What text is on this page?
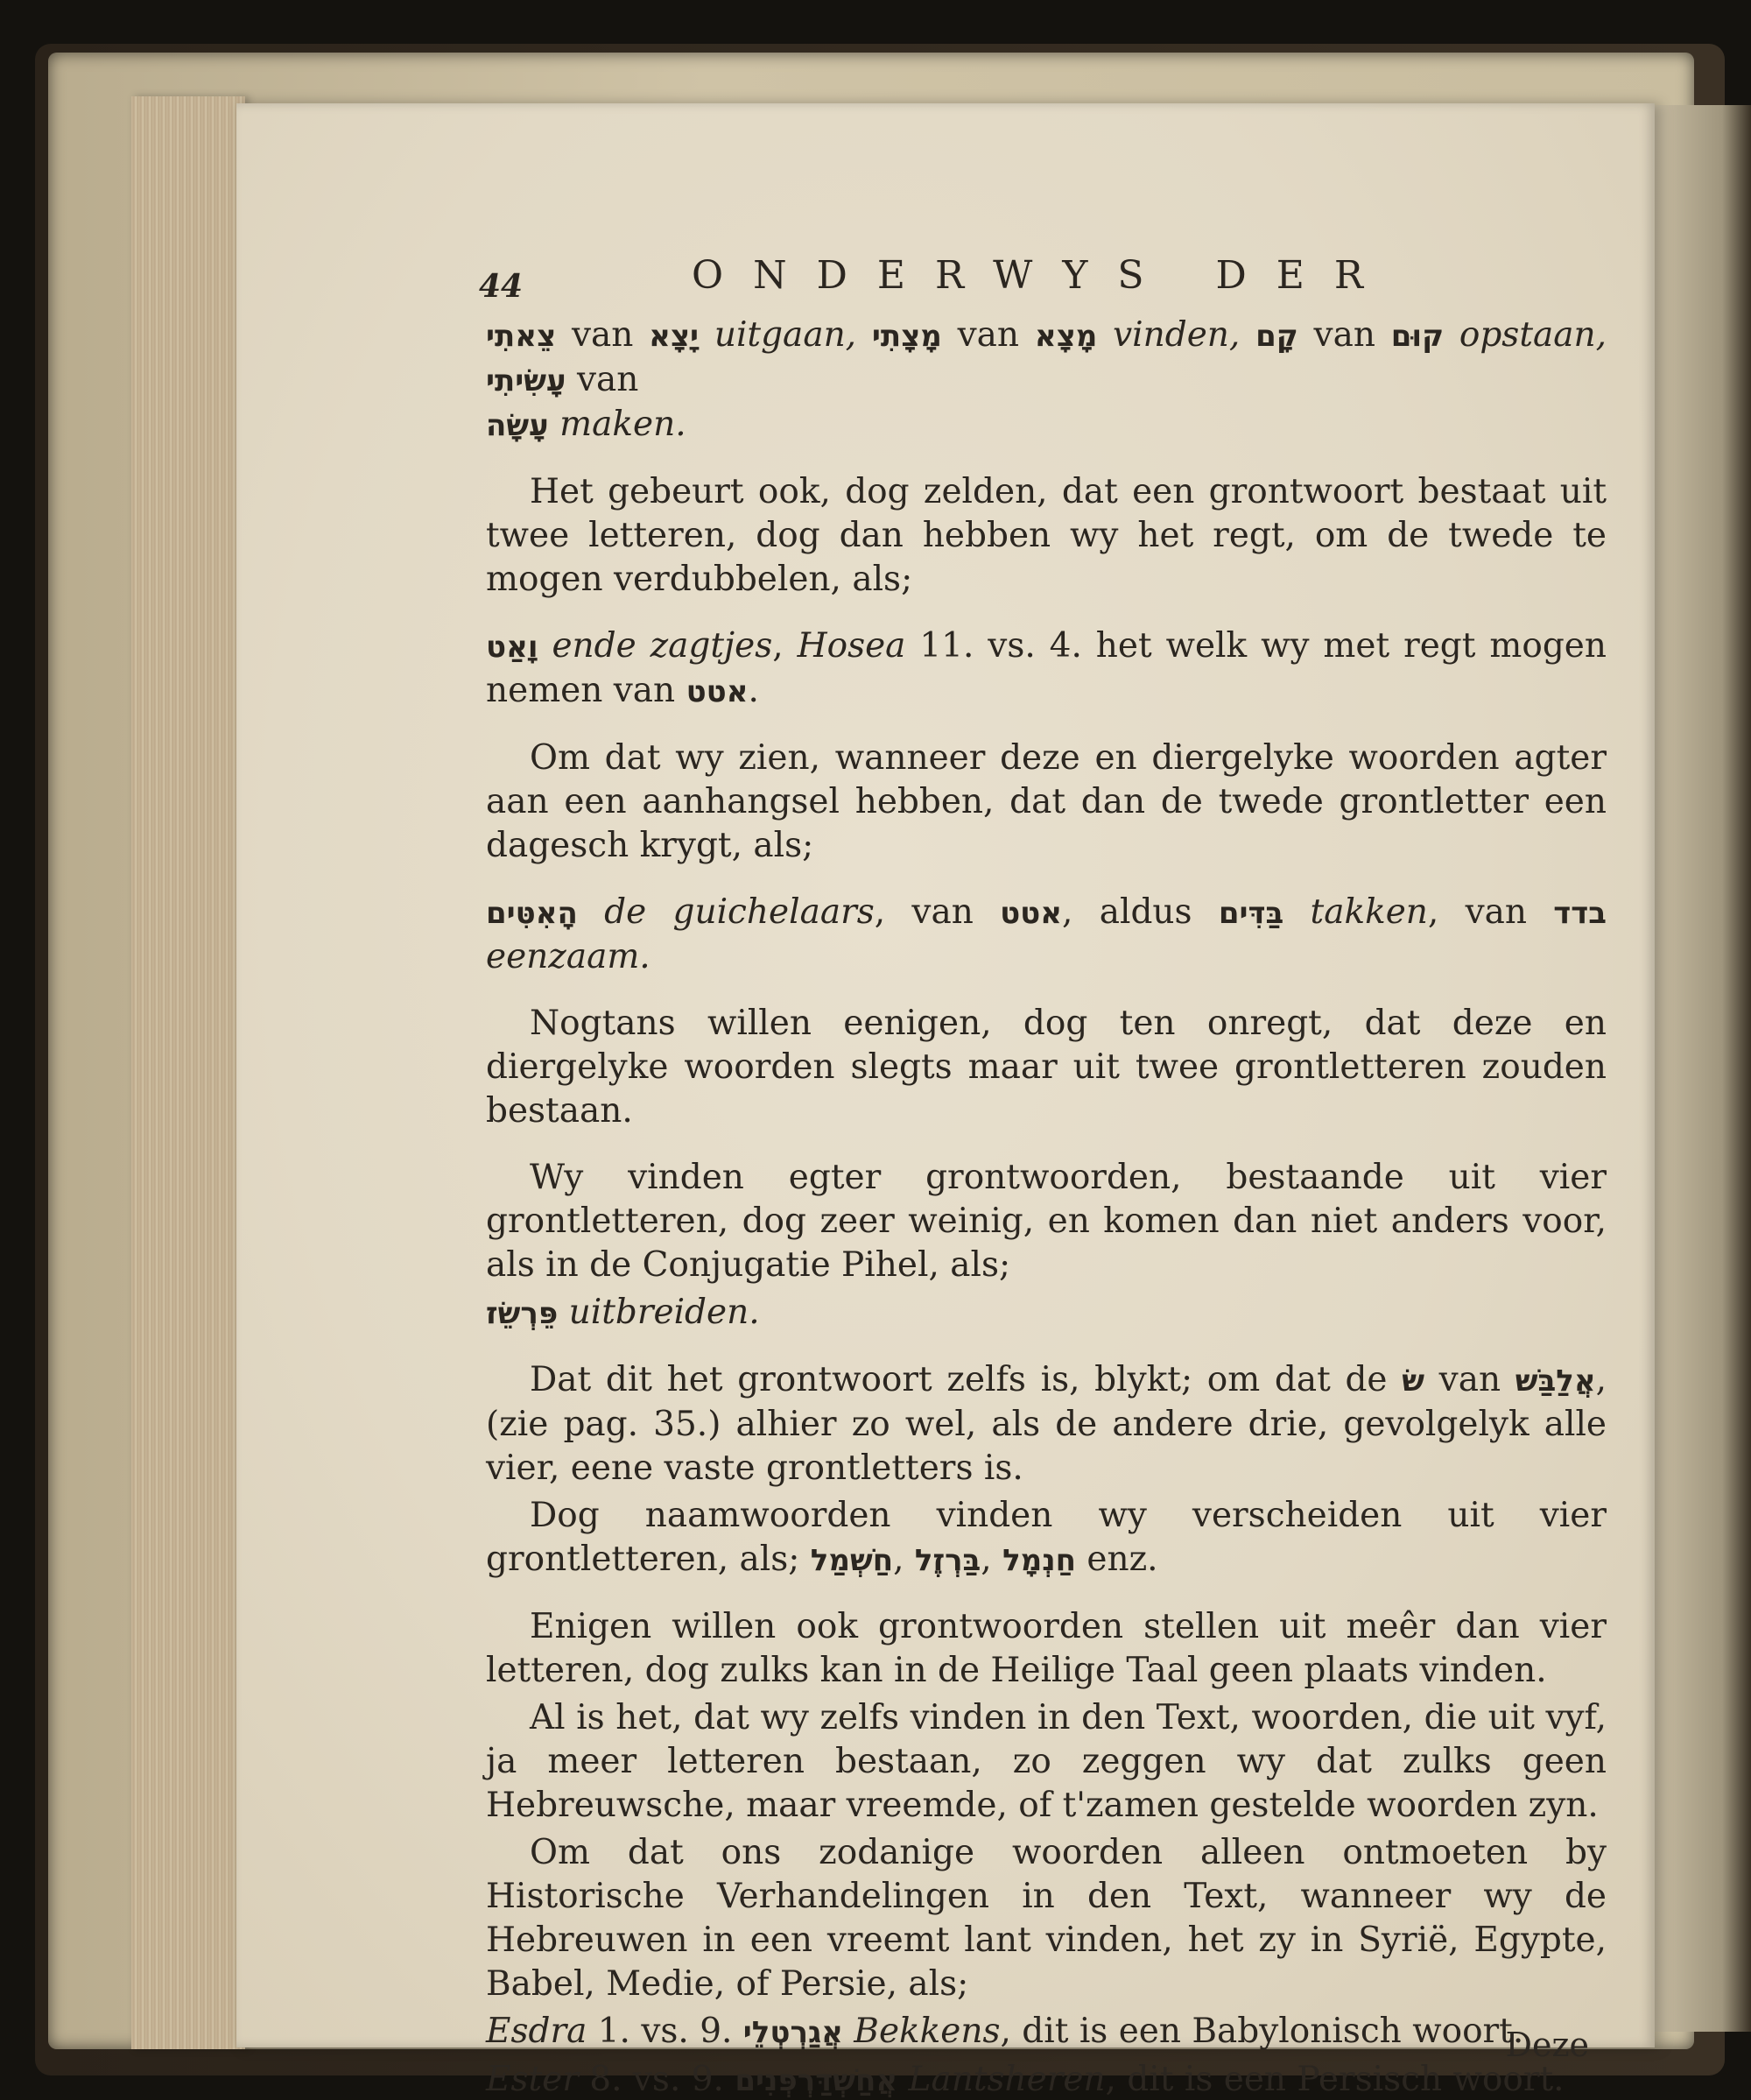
44	ONDERWYS DER

צֵאתִי van יָצָא uitgaan, מָצָתִי van מָצָא vinden, קָם van קוּם opstaan, עָשִׂיתִי van

עָשָׂה maken.

Het gebeurt ook, dog zelden, dat een grontwoort bestaat uit twee letteren, dog dan hebben wy het regt, om de twede te mogen verdubbelen, als;

וָאַט ende zagtjes, Hosea 11. vs. 4. het welk wy met regt mogen nemen van אטט.

Om dat wy zien, wanneer deze en diergelyke woorden agter aan een aanhangsel hebben, dat dan de twede grontletter een dagesch krygt, als;

הָאִטִּים de guichelaars, van אטט, aldus בַּדִּים takken, van בדד eenzaam.

Nogtans willen eenigen, dog ten onregt, dat deze en diergelyke woorden slegts maar uit twee grontletteren zouden bestaan.

Wy vinden egter grontwoorden, bestaande uit vier grontletteren, dog zeer weinig, en komen dan niet anders voor, als in de Conjugatie Pihel, als;

פֵּרְשֵׂז uitbreiden.

Dat dit het grontwoort zelfs is, blykt; om dat de שׂ van אֲלַבַּשׁ, (zie pag. 35.) alhier zo wel, als de andere drie, gevolgelyk alle vier, eene vaste grontletters is.

Dog naamwoorden vinden wy verscheiden uit vier grontletteren, als; חַשְׁמַל, בַּרְזֶל, חַנְמָל enz.

Enigen willen ook grontwoorden stellen uit meêr dan vier letteren, dog zulks kan in de Heilige Taal geen plaats vinden.

Al is het, dat wy zelfs vinden in den Text, woorden, die uit vyf, ja meer letteren bestaan, zo zeggen wy dat zulks geen Hebreuwsche, maar vreemde, of t'zamen gestelde woorden zyn.

Om dat ons zodanige woorden alleen ontmoeten by Historische Verhandelingen in den Text, wanneer wy de Hebreuwen in een vreemt lant vinden, het zy in Syrië, Egypte, Babel, Medie, of Persie, als;

Esdra 1. vs. 9. אֲגַרְטְלֵי Bekkens, dit is een Babylonisch woort.

Ester 8. vs. 9. אֲחַשְׁדַּרְפְּנִים Lantsheren, dit is een Persisch woort.

Deze
